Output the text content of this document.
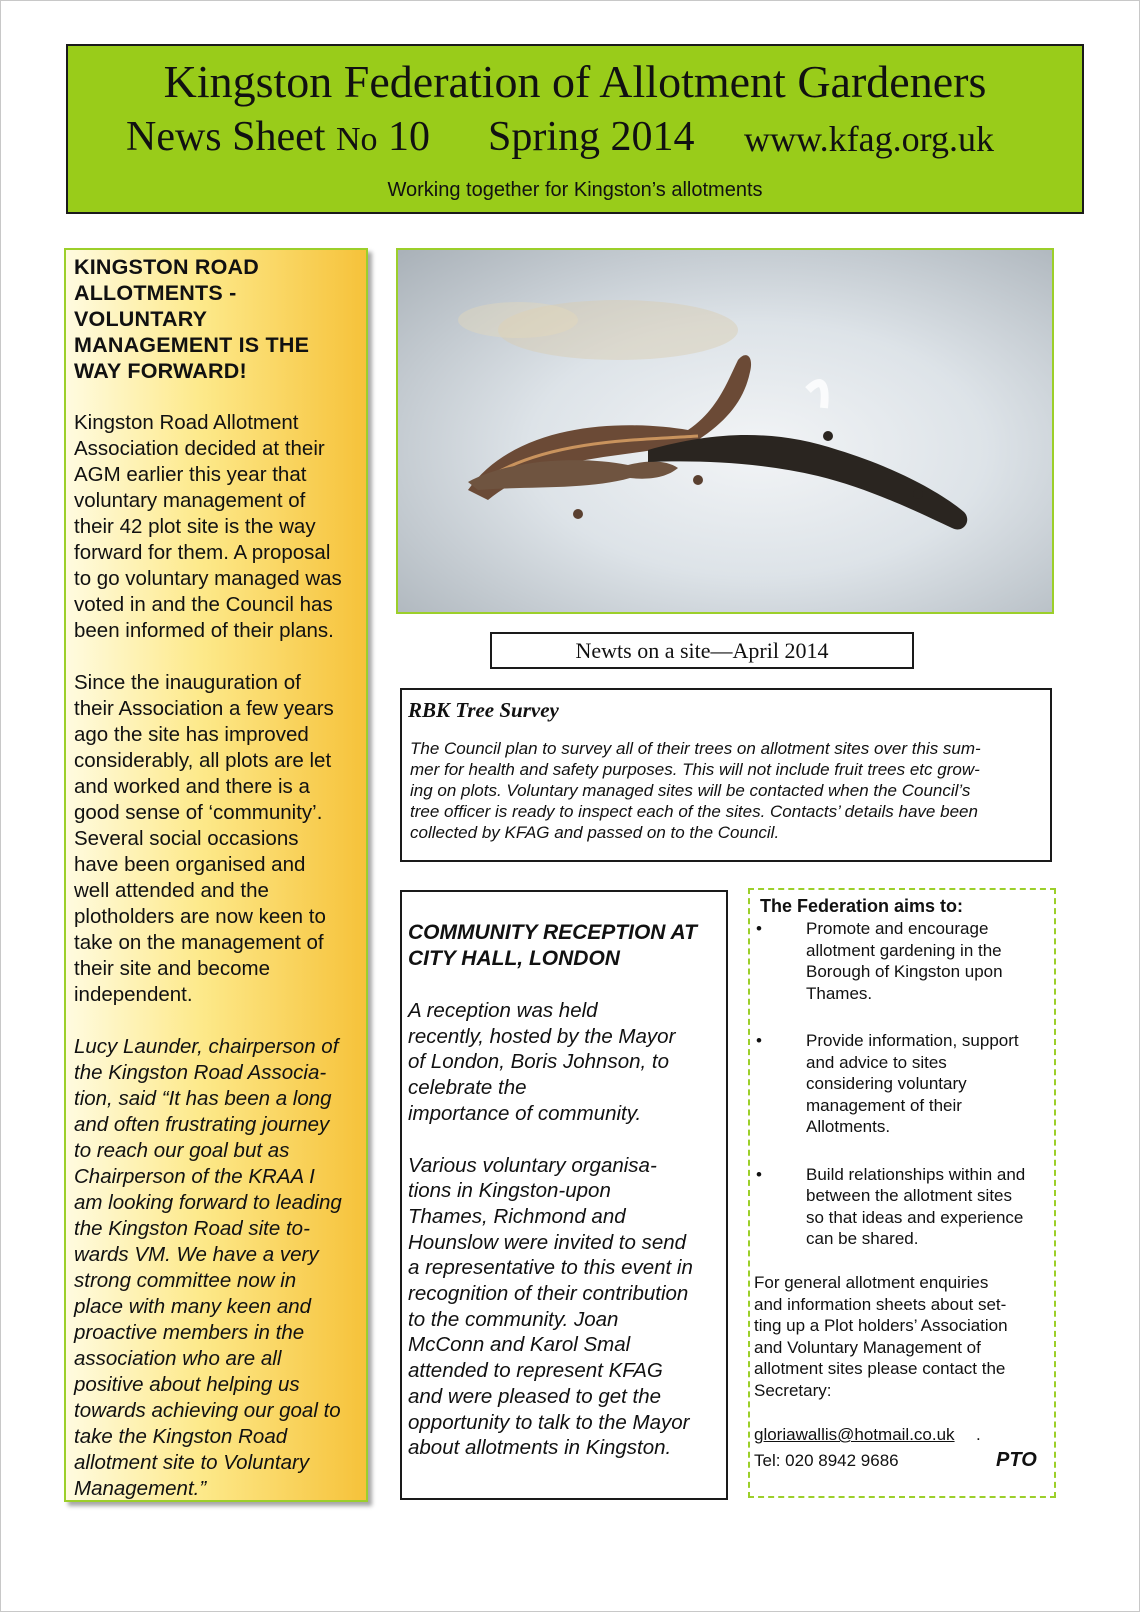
Kingston Federation of Allotment Gardeners
News Sheet No 10 Spring 2014 www.kfag.org.uk
Working together for Kingston’s allotments
KINGSTON ROAD
ALLOTMENTS -
VOLUNTARY
MANAGEMENT IS THE
WAY FORWARD!

Kingston Road Allotment
Association decided at their
AGM earlier this year that
voluntary management of
their 42 plot site is the way
forward for them. A proposal
to go voluntary managed was
voted in and the Council has
been informed of their plans.

Since the inauguration of
their Association a few years
ago the site has improved
considerably, all plots are let
and worked and there is a
good sense of ‘community’.
Several social occasions
have been organised and
well attended and the
plotholders are now keen to
take on the management of
their site and become
independent.

Lucy Launder, chairperson of
the Kingston Road Associa-
tion, said “It has been a long
and often frustrating journey
to reach our goal but as
Chairperson of the KRAA I
am looking forward to leading
the Kingston Road site to-
wards VM. We have a very
strong committee now in
place with many keen and
proactive members in the
association who are all
positive about helping us
towards achieving our goal to
take the Kingston Road
allotment site to Voluntary
Management.”

Newts on a site—April 2014
RBK Tree Survey

The Council plan to survey all of their trees on allotment sites over this sum-
mer for health and safety purposes. This will not include fruit trees etc grow-
ing on plots. Voluntary managed sites will be contacted when the Council’s
tree officer is ready to inspect each of the sites. Contacts’ details have been
collected by KFAG and passed on to the Council.

COMMUNITY RECEPTION AT
CITY HALL, LONDON

A reception was held
recently, hosted by the Mayor
of London, Boris Johnson, to
celebrate the
importance of community.

Various voluntary organisa-
tions in Kingston-upon
Thames, Richmond and
Hounslow were invited to send
a representative to this event in
recognition of their contribution
to the community. Joan
McConn and Karol Smal
attended to represent KFAG
and were pleased to get the
opportunity to talk to the Mayor
about allotments in Kingston.

The Federation aims to:
•	Promote and encourage
allotment gardening in the
Borough of Kingston upon
Thames.
•	Provide information, support
and advice to sites
considering voluntary
management of their
Allotments.
•	Build relationships within and
between the allotment sites
so that ideas and experience
can be shared.

For general allotment enquiries
and information sheets about set-
ting up a Plot holders’ Association
and Voluntary Management of
allotment sites please contact the
Secretary:

gloriawallis@hotmail.co.uk .
Tel: 020 8942 9686	PTO
